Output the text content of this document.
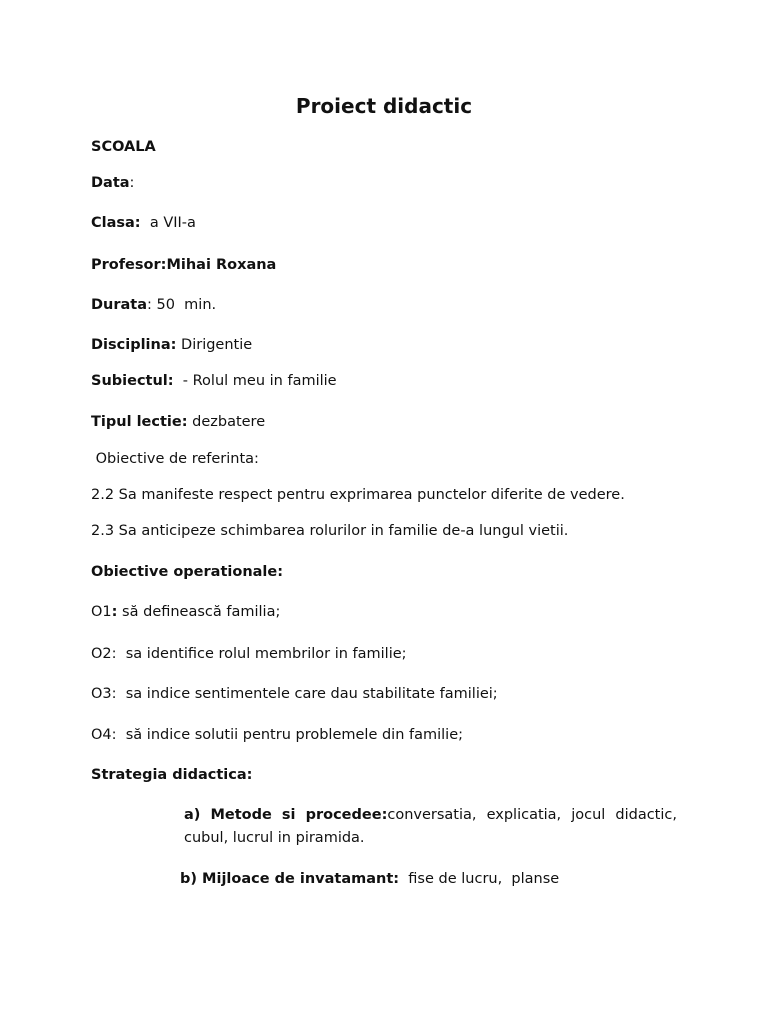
Proiect didactic
SCOALA
Data:
Clasa:  a VII-a
Profesor:Mihai Roxana
Durata: 50  min.
Disciplina: Dirigentie
Subiectul:  - Rolul meu in familie
Tipul lectie: dezbatere
Obiective de referinta:
2.2 Sa manifeste respect pentru exprimarea punctelor diferite de vedere.
2.3 Sa anticipeze schimbarea rolurilor in familie de-a lungul vietii.
Obiective operationale:
O1: să definească familia;
O2:  sa identifice rolul membrilor in familie;
O3:  sa indice sentimentele care dau stabilitate familiei;
O4:  să indice solutii pentru problemele din familie;
Strategia didactica:
a) Metode si procedee:conversatia, explicatia, jocul didactic,
cubul, lucrul in piramida.
b) Mijloace de invatamant:  fise de lucru,  planse
